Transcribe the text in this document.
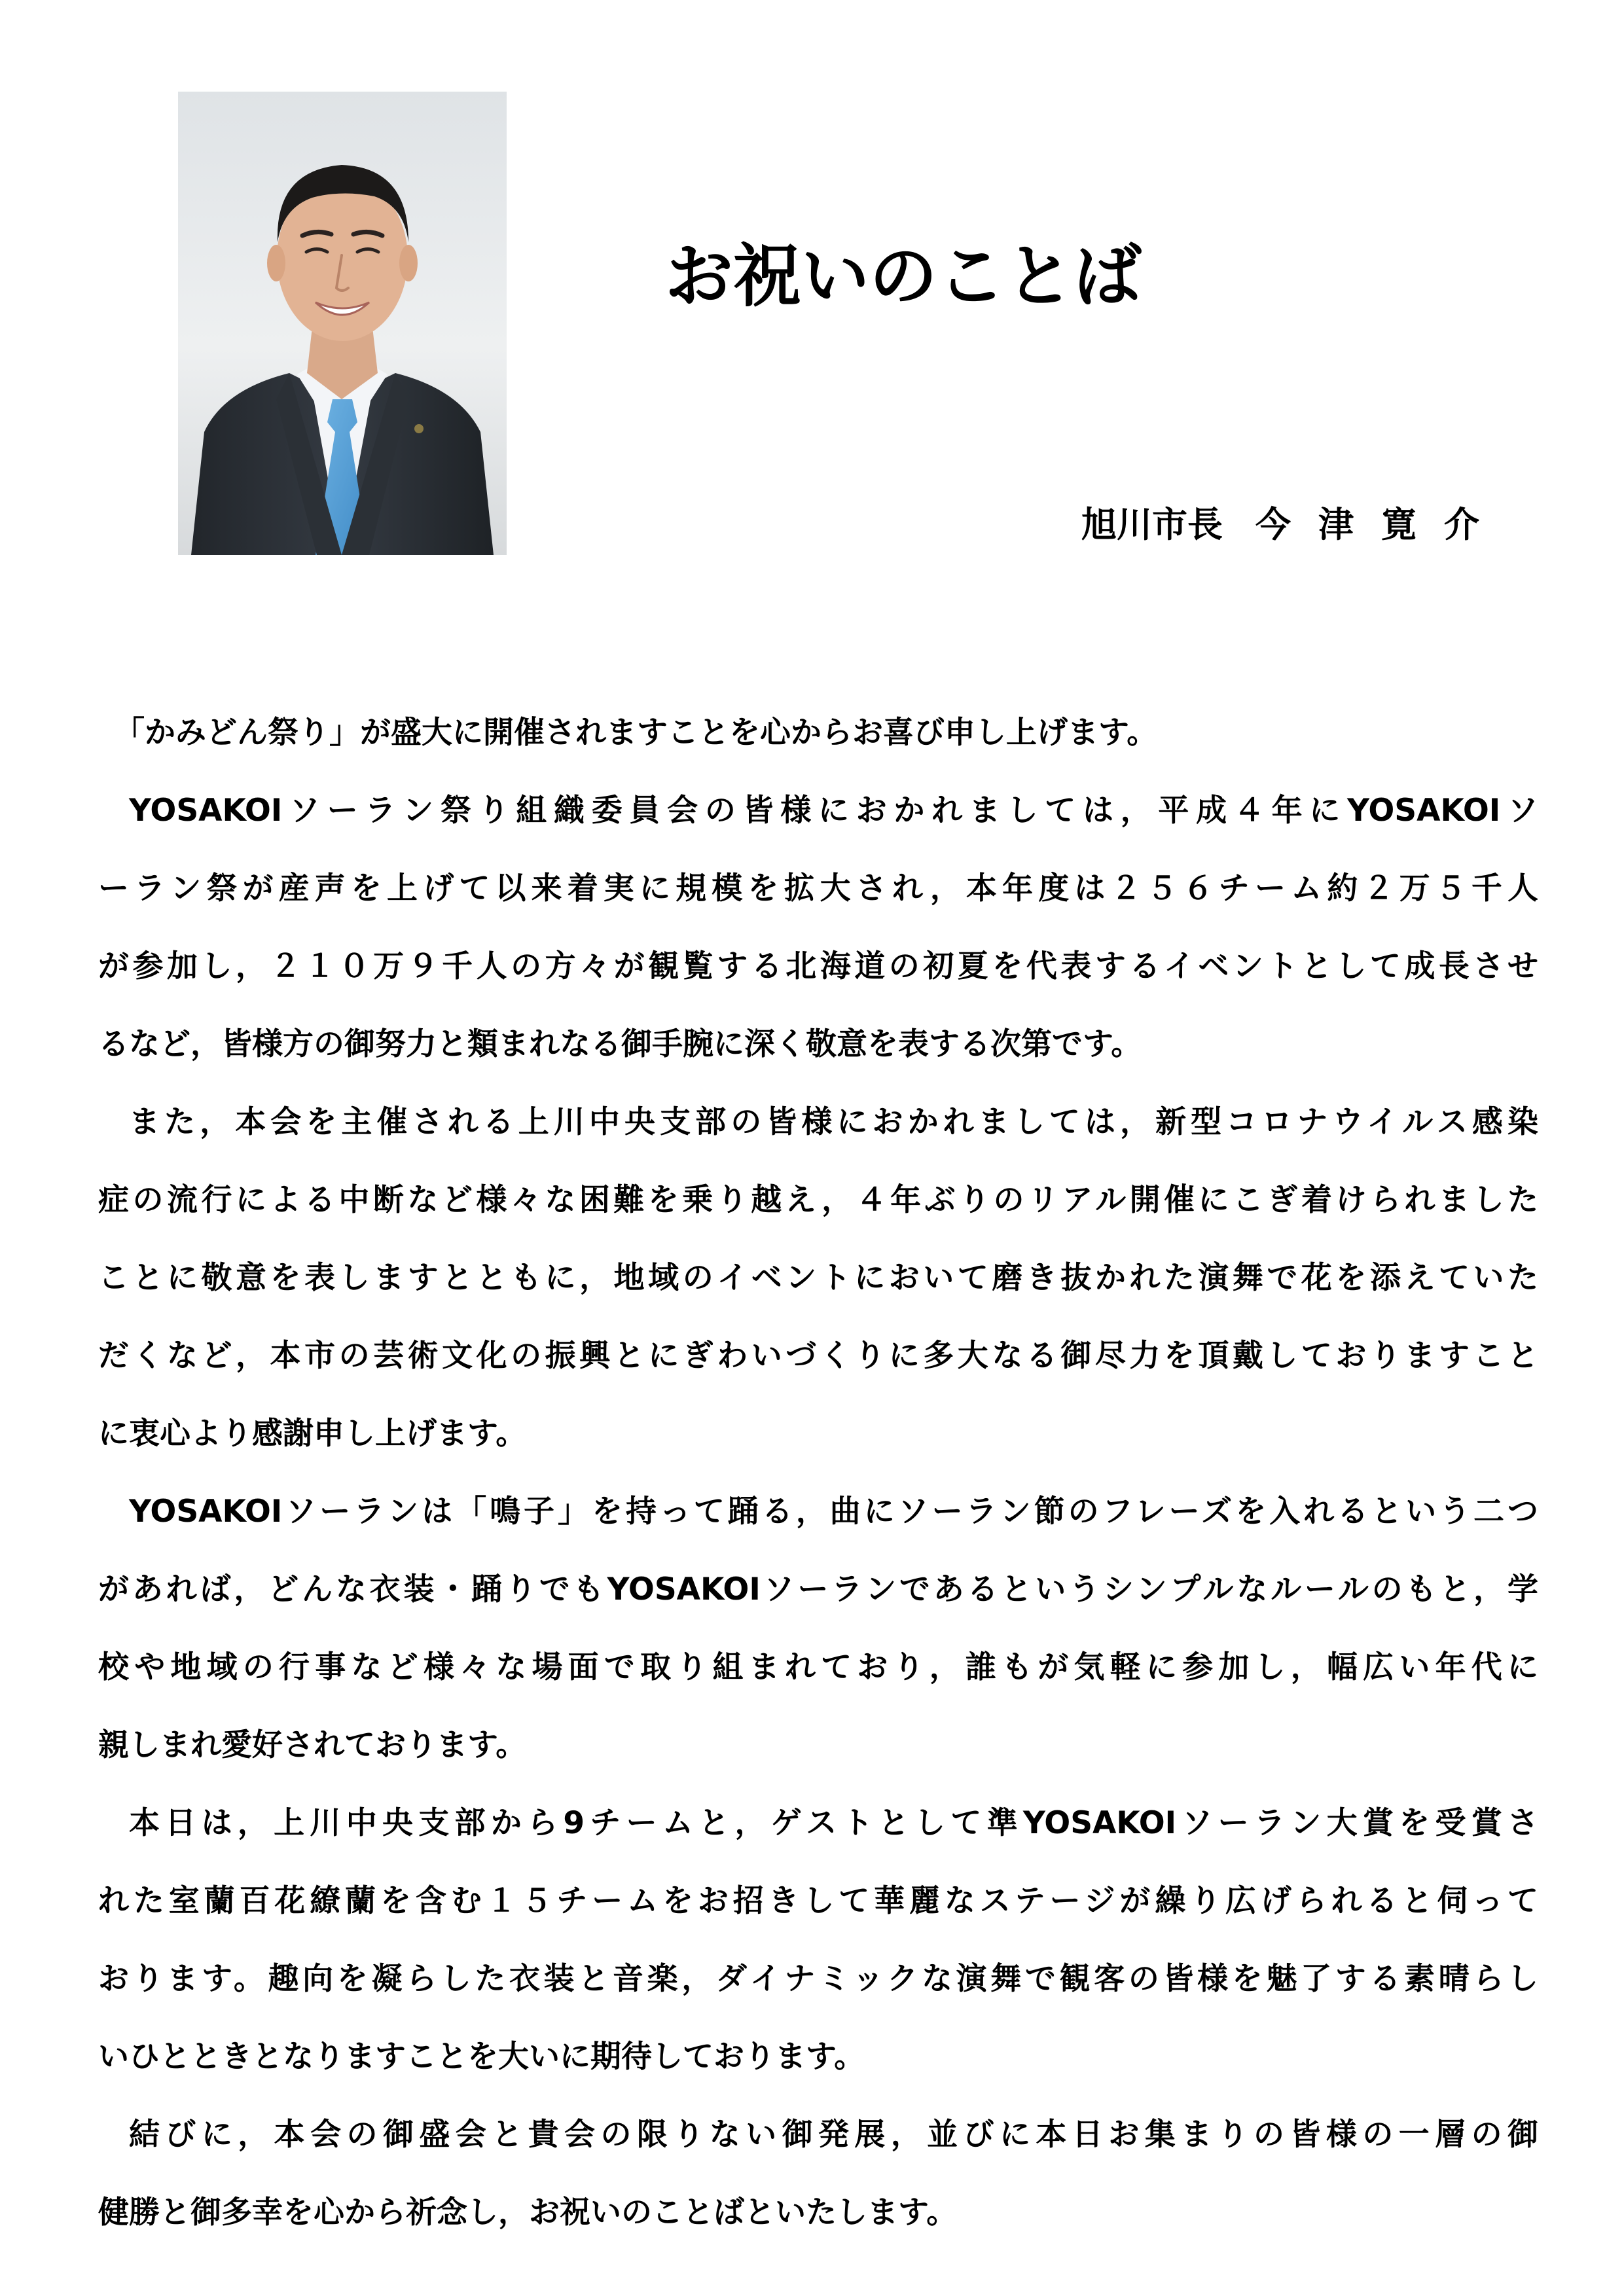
お祝いのことば
旭川市長 今津寛介
「かみどん祭り」が盛大に開催されますことを心からお喜び申し上げます。
YOSAKOIソーラン祭り組織委員会の皆様におかれましては，平成４年にYOSAKOIソ
ーラン祭が産声を上げて以来着実に規模を拡大され，本年度は２５６チーム約２万５千人
が参加し，２１０万９千人の方々が観覧する北海道の初夏を代表するイベントとして成長させ
るなど，皆様方の御努力と類まれなる御手腕に深く敬意を表する次第です。
また，本会を主催される上川中央支部の皆様におかれましては，新型コロナウイルス感染
症の流行による中断など様々な困難を乗り越え，４年ぶりのリアル開催にこぎ着けられました
ことに敬意を表しますとともに，地域のイベントにおいて磨き抜かれた演舞で花を添えていた
だくなど，本市の芸術文化の振興とにぎわいづくりに多大なる御尽力を頂戴しておりますこと
に衷心より感謝申し上げます。
YOSAKOIソーランは「鳴子」を持って踊る，曲にソーラン節のフレーズを入れるという二つ
があれば，どんな衣装・踊りでもYOSAKOIソーランであるというシンプルなルールのもと，学
校や地域の行事など様々な場面で取り組まれており，誰もが気軽に参加し，幅広い年代に
親しまれ愛好されております。
本日は，上川中央支部から9チームと，ゲストとして準YOSAKOIソーラン大賞を受賞さ
れた室蘭百花繚蘭を含む１５チームをお招きして華麗なステージが繰り広げられると伺って
おります。趣向を凝らした衣装と音楽，ダイナミックな演舞で観客の皆様を魅了する素晴らし
いひとときとなりますことを大いに期待しております。
結びに，本会の御盛会と貴会の限りない御発展，並びに本日お集まりの皆様の一層の御
健勝と御多幸を心から祈念し，お祝いのことばといたします。
